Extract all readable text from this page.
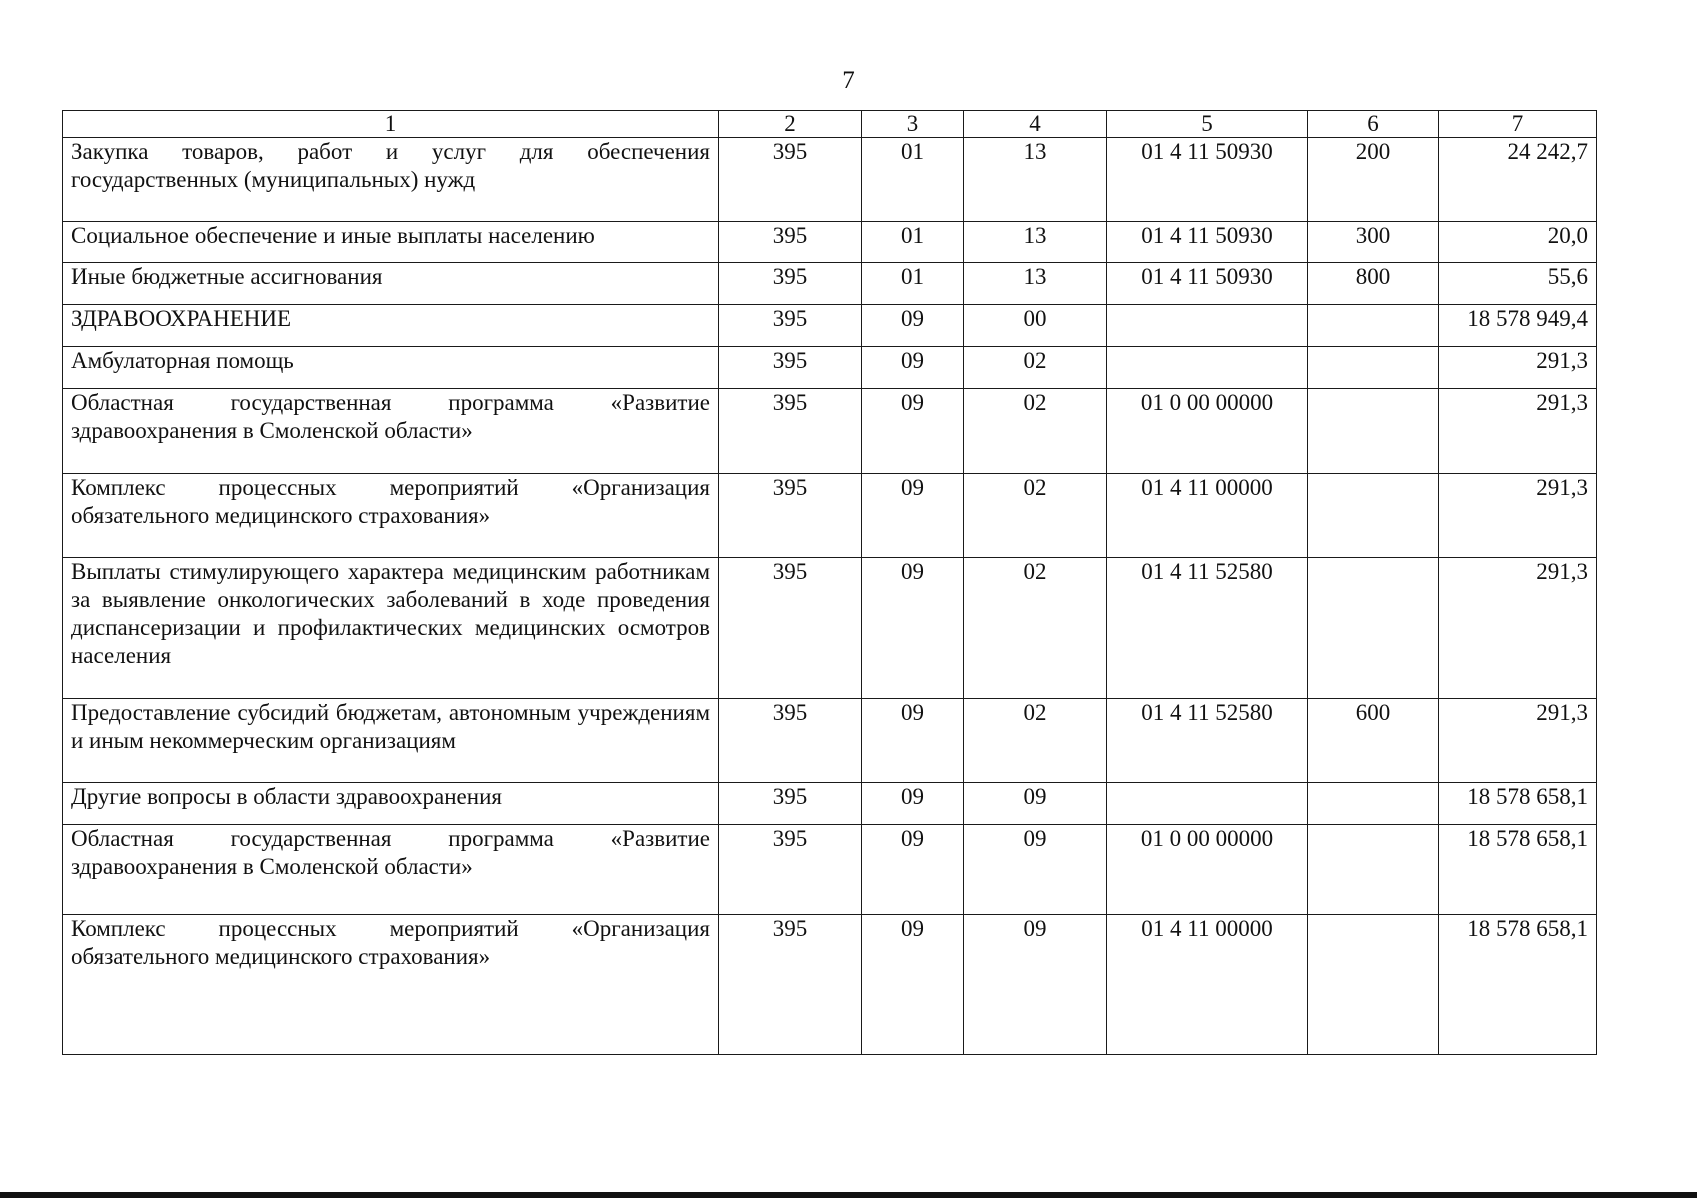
7
1	2	3	4	5	6	7
Закупка товаров, работ и услуг для обеспечения государственных (муниципальных) нужд	395	01	13	01 4 11 50930	200	24 242,7
Социальное обеспечение и иные выплаты населению	395	01	13	01 4 11 50930	300	20,0
Иные бюджетные ассигнования	395	01	13	01 4 11 50930	800	55,6
ЗДРАВООХРАНЕНИЕ	395	09	00			18 578 949,4
Амбулаторная помощь	395	09	02			291,3
Областная государственная программа «Развитие здравоохранения в Смоленской области»	395	09	02	01 0 00 00000		291,3
Комплекс процессных мероприятий «Организация обязательного медицинского страхования»	395	09	02	01 4 11 00000		291,3
Выплаты стимулирующего характера медицинским работникам за выявление онкологических заболеваний в ходе проведения диспансеризации и профилактических медицинских осмотров населения	395	09	02	01 4 11 52580		291,3
Предоставление субсидий бюджетам, автономным учреждениям и иным некоммерческим организациям	395	09	02	01 4 11 52580	600	291,3
Другие вопросы в области здравоохранения	395	09	09			18 578 658,1
Областная государственная программа «Развитие здравоохранения в Смоленской области»	395	09	09	01 0 00 00000		18 578 658,1
Комплекс процессных мероприятий «Организация обязательного медицинского страхования»	395	09	09	01 4 11 00000		18 578 658,1
